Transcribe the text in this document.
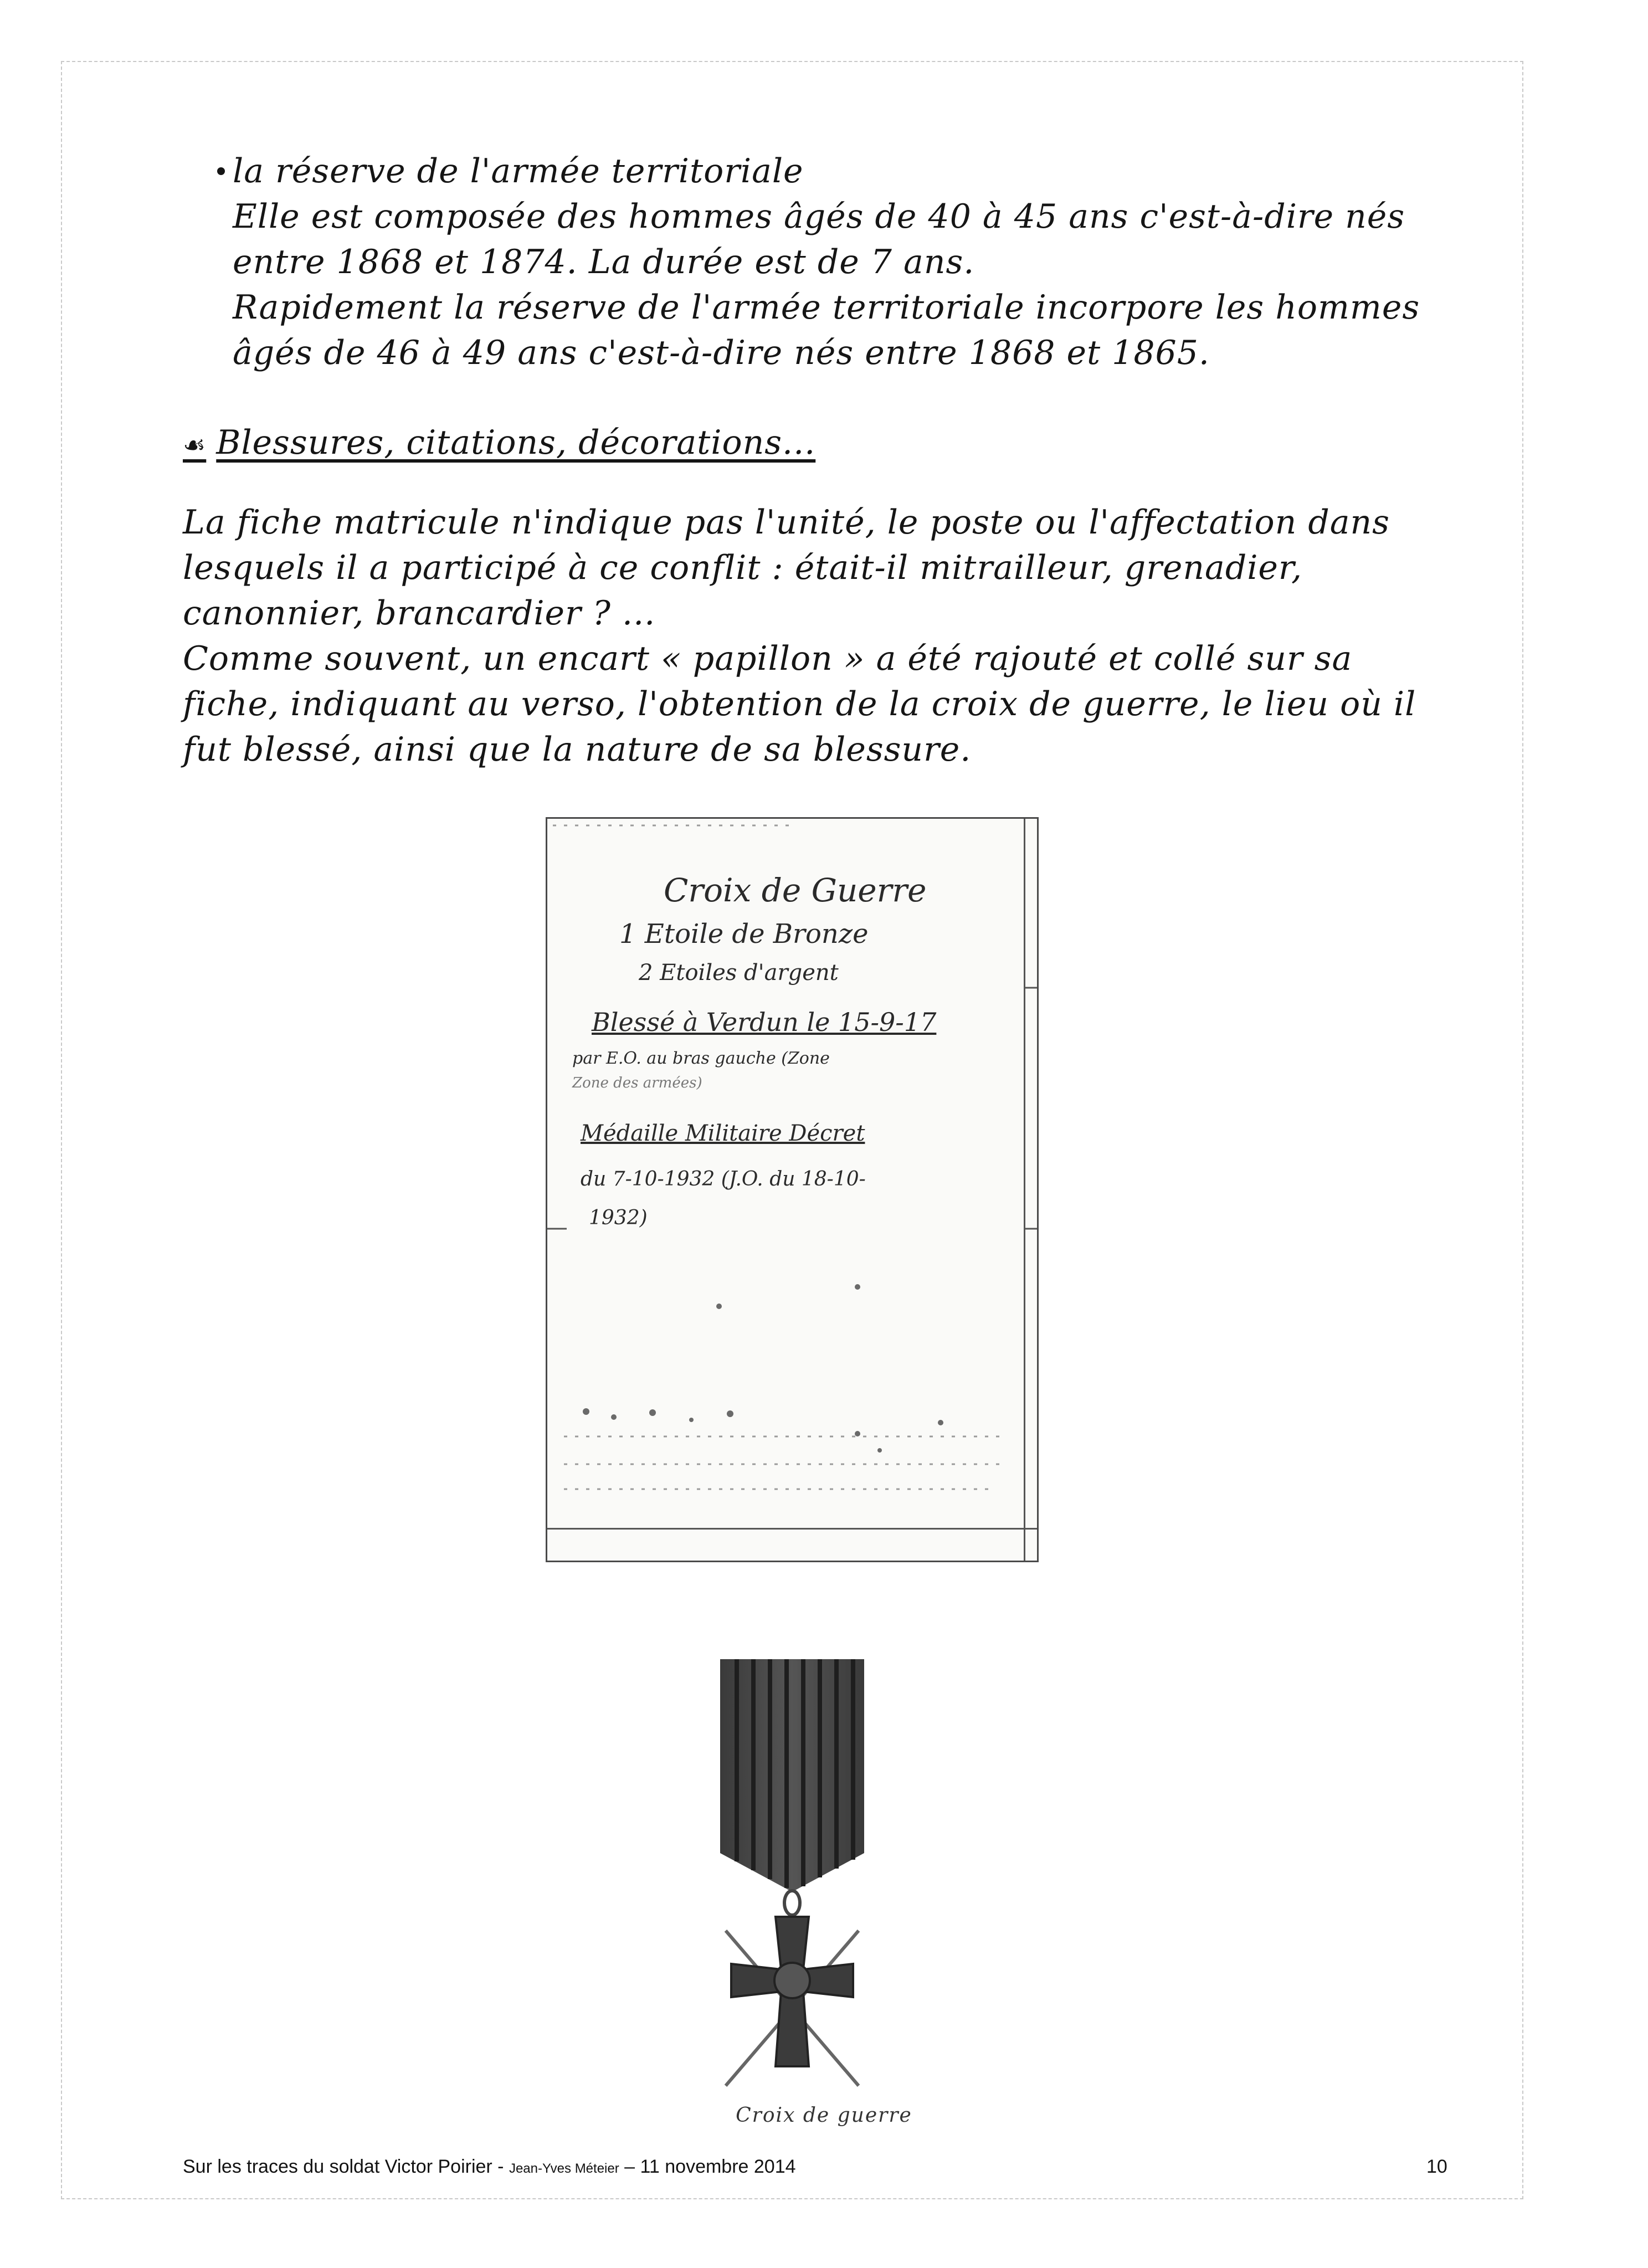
la réserve de l'armée territoriale
Elle est composée des hommes âgés de 40 à 45 ans c'est-à-dire nés
entre 1868 et 1874. La durée est de 7 ans.
Rapidement la réserve de l'armée territoriale incorpore les hommes
âgés de 46 à 49 ans c'est-à-dire nés entre 1868 et 1865.
☙ Blessures, citations, décorations...
La fiche matricule n'indique pas l'unité, le poste ou l'affectation dans
lesquels il a participé à ce conflit : était-il mitrailleur, grenadier,
canonnier, brancardier ? ...
Comme souvent, un encart « papillon » a été rajouté et collé sur sa
fiche, indiquant au verso, l'obtention de la croix de guerre, le lieu où il
fut blessé, ainsi que la nature de sa blessure.
Croix de Guerre
1 Etoile de Bronze
2 Etoiles d'argent
Blessé à Verdun le 15-9-17
par E.O. au bras gauche (Zone
Zone des armées)
Médaille Militaire Décret
du 7-10-1932 (J.O. du 18-10-
1932)
Croix de guerre
Sur les traces du soldat Victor Poirier - Jean-Yves Méteier – 11 novembre 2014	10
